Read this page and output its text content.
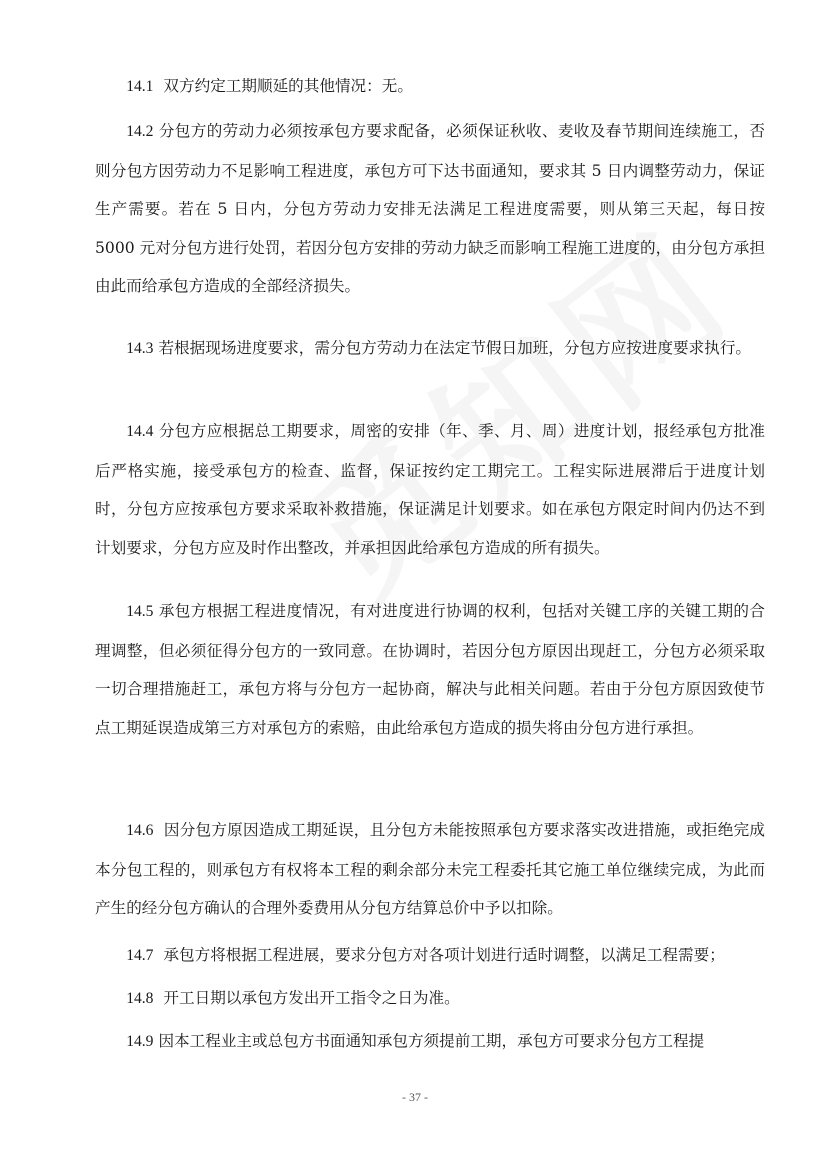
14.1 双方约定工期顺延的其他情况：无。

14.2 分包方的劳动力必须按承包方要求配备，必须保证秋收、麦收及春节期间连续施工，否则分包方因劳动力不足影响工程进度，承包方可下达书面通知，要求其 5 日内调整劳动力，保证生产需要。若在 5 日内，分包方劳动力安排无法满足工程进度需要，则从第三天起，每日按 5000 元对分包方进行处罚，若因分包方安排的劳动力缺乏而影响工程施工进度的，由分包方承担由此而给承包方造成的全部经济损失。

14.3 若根据现场进度要求，需分包方劳动力在法定节假日加班，分包方应按进度要求执行。

14.4 分包方应根据总工期要求，周密的安排（年、季、月、周）进度计划，报经承包方批准后严格实施，接受承包方的检查、监督，保证按约定工期完工。工程实际进展滞后于进度计划时，分包方应按承包方要求采取补救措施，保证满足计划要求。如在承包方限定时间内仍达不到计划要求，分包方应及时作出整改，并承担因此给承包方造成的所有损失。

14.5 承包方根据工程进度情况，有对进度进行协调的权利，包括对关键工序的关键工期的合理调整，但必须征得分包方的一致同意。在协调时，若因分包方原因出现赶工，分包方必须采取一切合理措施赶工，承包方将与分包方一起协商，解决与此相关问题。若由于分包方原因致使节点工期延误造成第三方对承包方的索赔，由此给承包方造成的损失将由分包方进行承担。

14.6 因分包方原因造成工期延误，且分包方未能按照承包方要求落实改进措施，或拒绝完成本分包工程的，则承包方有权将本工程的剩余部分未完工程委托其它施工单位继续完成，为此而产生的经分包方确认的合理外委费用从分包方结算总价中予以扣除。

14.7 承包方将根据工程进展，要求分包方对各项计划进行适时调整，以满足工程需要；

14.8 开工日期以承包方发出开工指令之日为准。

14.9 因本工程业主或总包方书面通知承包方须提前工期，承包方可要求分包方工程提

- 37 -
